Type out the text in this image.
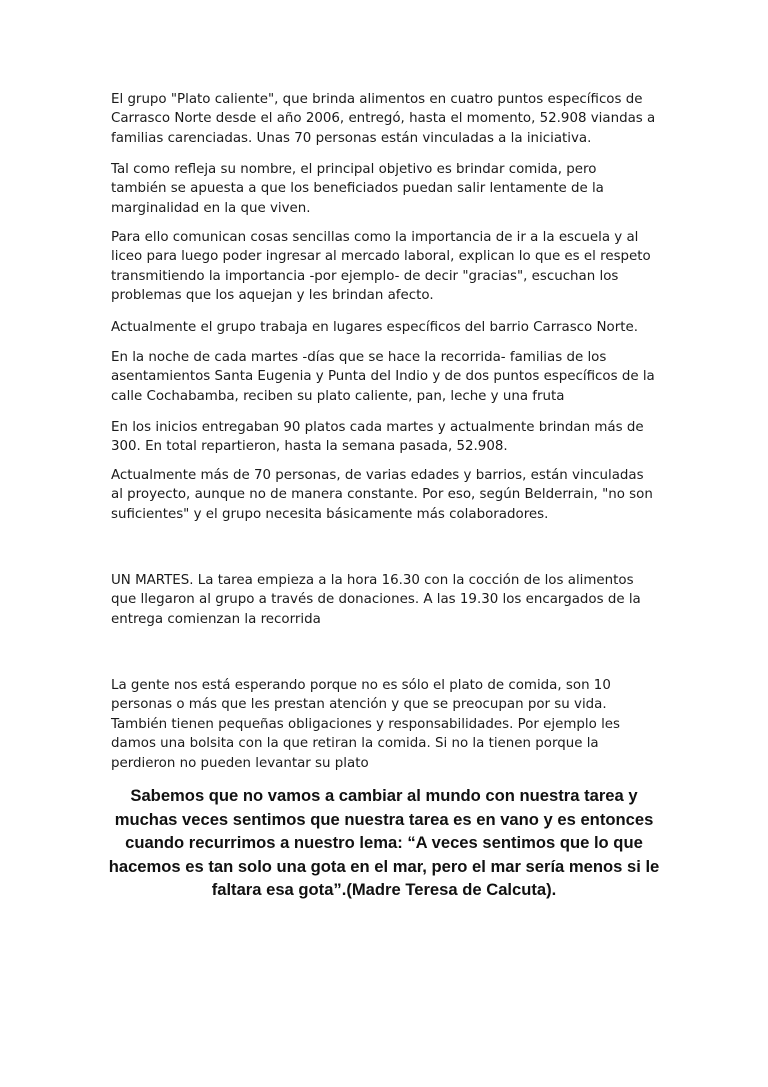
El grupo "Plato caliente", que brinda alimentos en cuatro puntos específicos de Carrasco Norte desde el año 2006, entregó, hasta el momento, 52.908 viandas a familias carenciadas. Unas 70 personas están vinculadas a la iniciativa.

Tal como refleja su nombre, el principal objetivo es brindar comida, pero también se apuesta a que los beneficiados puedan salir lentamente de la marginalidad en la que viven.

Para ello comunican cosas sencillas como la importancia de ir a la escuela y al liceo para luego poder ingresar al mercado laboral, explican lo que es el respeto transmitiendo la importancia -por ejemplo- de decir "gracias", escuchan los problemas que los aquejan y les brindan afecto.

Actualmente el grupo trabaja en lugares específicos del barrio Carrasco Norte.

En la noche de cada martes -días que se hace la recorrida- familias de los asentamientos Santa Eugenia y Punta del Indio y de dos puntos específicos de la calle Cochabamba, reciben su plato caliente, pan, leche y una fruta

En los inicios entregaban 90 platos cada martes y actualmente brindan más de 300. En total repartieron, hasta la semana pasada, 52.908.

Actualmente más de 70 personas, de varias edades y barrios, están vinculadas al proyecto, aunque no de manera constante. Por eso, según Belderrain, "no son suficientes" y el grupo necesita básicamente más colaboradores.

UN MARTES. La tarea empieza a la hora 16.30 con la cocción de los alimentos que llegaron al grupo a través de donaciones. A las 19.30 los encargados de la entrega comienzan la recorrida

La gente nos está esperando porque no es sólo el plato de comida, son 10 personas o más que les prestan atención y que se preocupan por su vida. También tienen pequeñas obligaciones y responsabilidades. Por ejemplo les damos una bolsita con la que retiran la comida. Si no la tienen porque la perdieron no pueden levantar su plato

Sabemos que no vamos a cambiar al mundo con nuestra tarea y muchas veces sentimos que nuestra tarea es en vano y es entonces cuando recurrimos a nuestro lema: “A veces sentimos que lo que hacemos es tan solo una gota en el mar, pero el mar sería menos si le faltara esa gota”.(Madre Teresa de Calcuta).
